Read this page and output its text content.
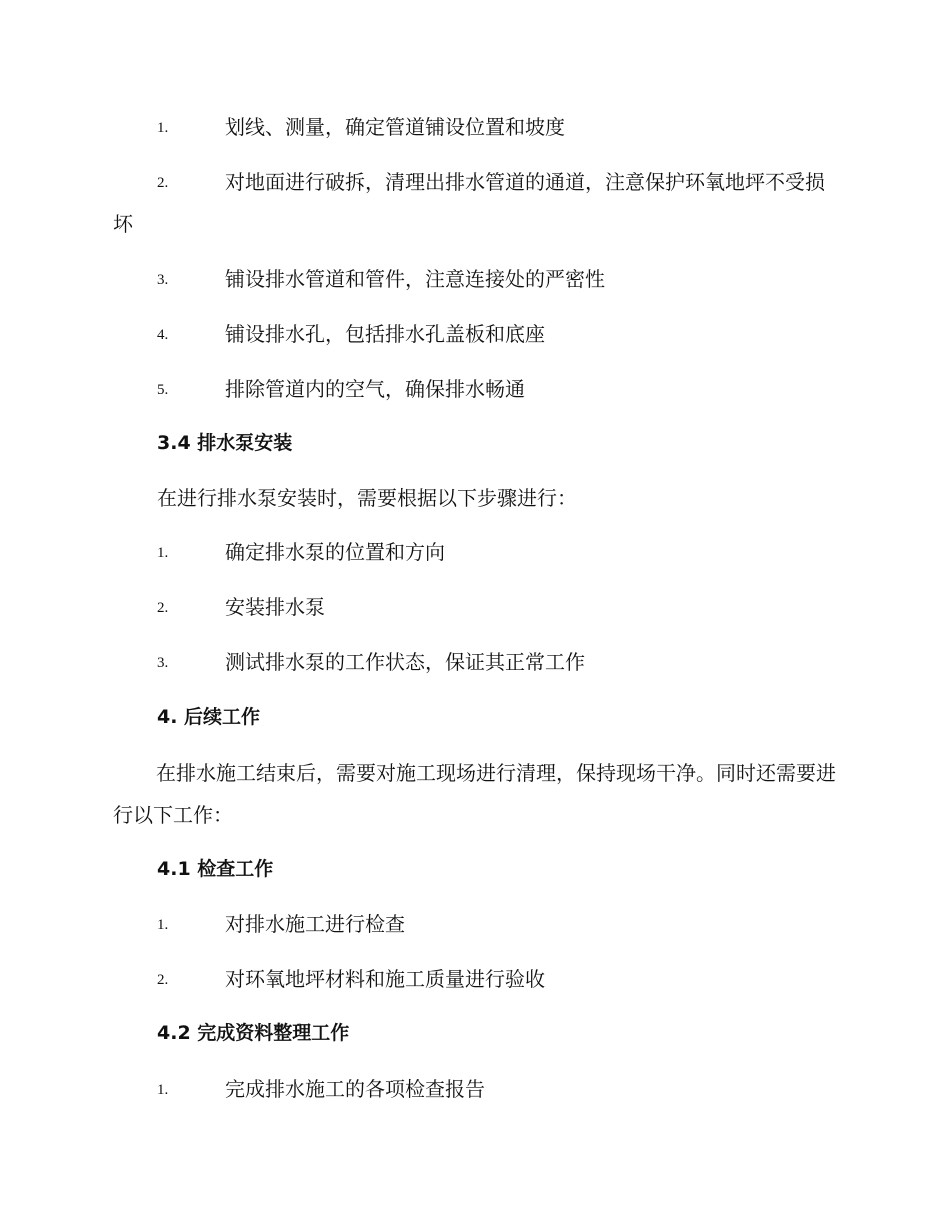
1.	划线、测量，确定管道铺设位置和坡度
2.	对地面进行破拆，清理出排水管道的通道，注意保护环氧地坪不受损坏
3.	铺设排水管道和管件，注意连接处的严密性
4.	铺设排水孔，包括排水孔盖板和底座
5.	排除管道内的空气，确保排水畅通
3.4 排水泵安装
在进行排水泵安装时，需要根据以下步骤进行：
1.	确定排水泵的位置和方向
2.	安装排水泵
3.	测试排水泵的工作状态，保证其正常工作
4. 后续工作
在排水施工结束后，需要对施工现场进行清理，保持现场干净。同时还需要进行以下工作：
4.1 检查工作
1.	对排水施工进行检查
2.	对环氧地坪材料和施工质量进行验收
4.2 完成资料整理工作
1.	完成排水施工的各项检查报告
